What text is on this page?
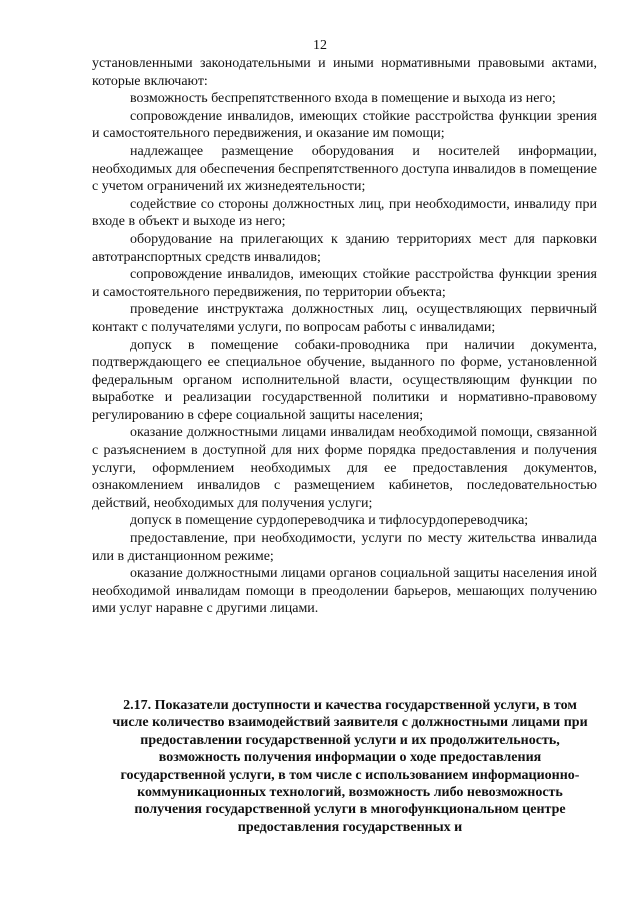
12

установленными законодательными и иными нормативными правовыми актами, которые включают:

возможность беспрепятственного входа в помещение и выхода из него;

сопровождение инвалидов, имеющих стойкие расстройства функции зрения и самостоятельного передвижения, и оказание им помощи;

надлежащее размещение оборудования и носителей информации, необходимых для обеспечения беспрепятственного доступа инвалидов в помещение с учетом ограничений их жизнедеятельности;

содействие со стороны должностных лиц, при необходимости, инвалиду при входе в объект и выходе из него;

оборудование на прилегающих к зданию территориях мест для парковки автотранспортных средств инвалидов;

сопровождение инвалидов, имеющих стойкие расстройства функции зрения и самостоятельного передвижения, по территории объекта;

проведение инструктажа должностных лиц, осуществляющих первичный контакт с получателями услуги, по вопросам работы с инвалидами;

допуск в помещение собаки-проводника при наличии документа, подтверждающего ее специальное обучение, выданного по форме, установленной федеральным органом исполнительной власти, осуществляющим функции по выработке и реализации государственной политики и нормативно-правовому регулированию в сфере социальной защиты населения;

оказание должностными лицами инвалидам необходимой помощи, связанной с разъяснением в доступной для них форме порядка предоставления и получения услуги, оформлением необходимых для ее предоставления документов, ознакомлением инвалидов с размещением кабинетов, последовательностью действий, необходимых для получения услуги;

допуск в помещение сурдопереводчика и тифлосурдопереводчика;

предоставление, при необходимости, услуги по месту жительства инвалида или в дистанционном режиме;

оказание должностными лицами органов социальной защиты населения иной необходимой инвалидам помощи в преодолении барьеров, мешающих получению ими услуг наравне с другими лицами.

2.17. Показатели доступности и качества государственной услуги, в том числе количество взаимодействий заявителя с должностными лицами при предоставлении государственной услуги и их продолжительность, возможность получения информации о ходе предоставления государственной услуги, в том числе с использованием информационно-коммуникационных технологий, возможность либо невозможность получения государственной услуги в многофункциональном центре предоставления государственных и
